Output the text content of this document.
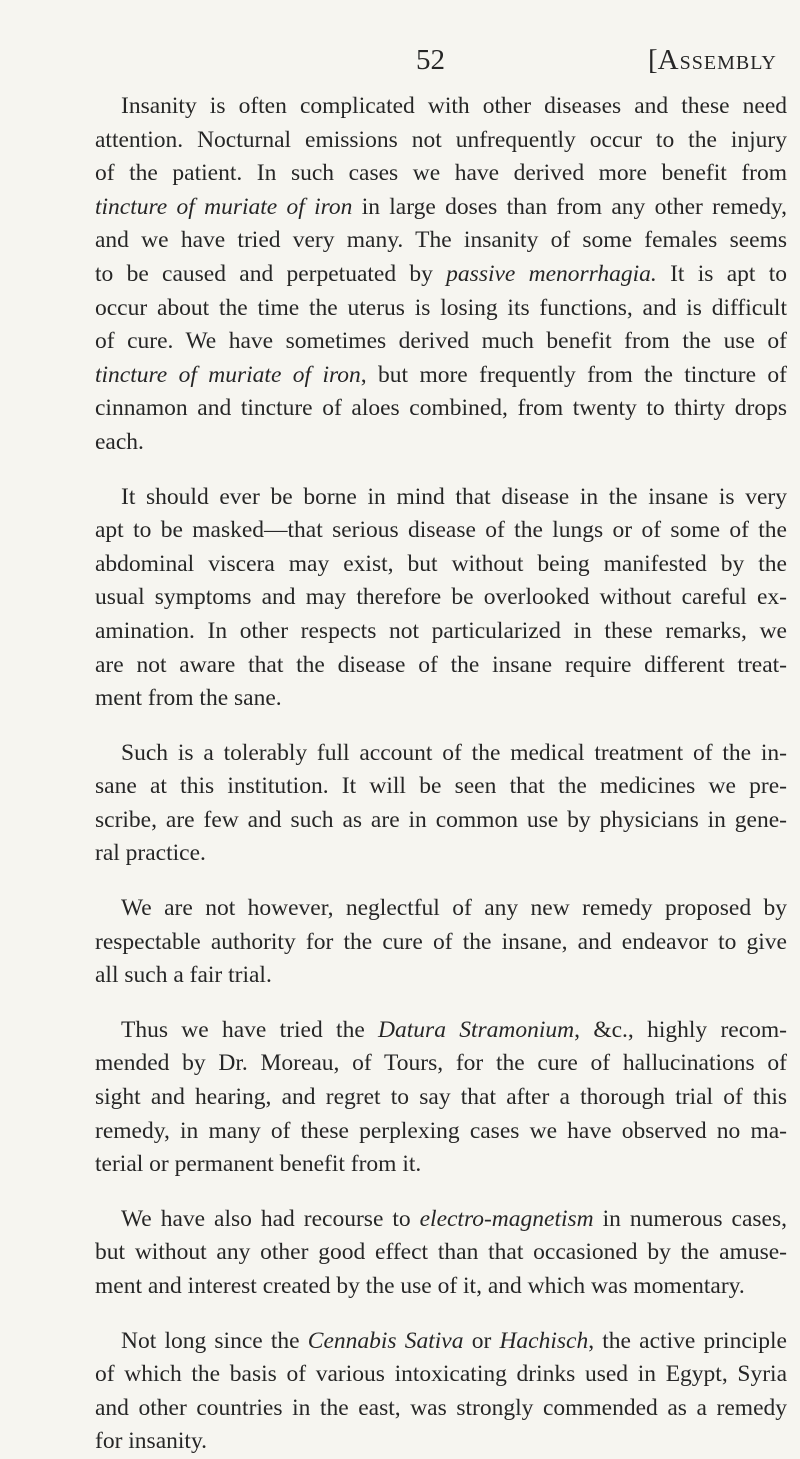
52	[Assembly
Insanity is often complicated with other diseases and these need
attention. Nocturnal emissions not unfrequently occur to the injury
of the patient. In such cases we have derived more benefit from
tincture of muriate of iron in large doses than from any other remedy,
and we have tried very many. The insanity of some females seems
to be caused and perpetuated by passive menorrhagia. It is apt to
occur about the time the uterus is losing its functions, and is difficult
of cure. We have sometimes derived much benefit from the use of
tincture of muriate of iron, but more frequently from the tincture of
cinnamon and tincture of aloes combined, from twenty to thirty drops
each.
It should ever be borne in mind that disease in the insane is very
apt to be masked—that serious disease of the lungs or of some of the
abdominal viscera may exist, but without being manifested by the
usual symptoms and may therefore be overlooked without careful ex-
amination. In other respects not particularized in these remarks, we
are not aware that the disease of the insane require different treat-
ment from the sane.
Such is a tolerably full account of the medical treatment of the in-
sane at this institution. It will be seen that the medicines we pre-
scribe, are few and such as are in common use by physicians in gene-
ral practice.
We are not however, neglectful of any new remedy proposed by
respectable authority for the cure of the insane, and endeavor to give
all such a fair trial.
Thus we have tried the Datura Stramonium, &c., highly recom-
mended by Dr. Moreau, of Tours, for the cure of hallucinations of
sight and hearing, and regret to say that after a thorough trial of this
remedy, in many of these perplexing cases we have observed no ma-
terial or permanent benefit from it.
We have also had recourse to electro-magnetism in numerous cases,
but without any other good effect than that occasioned by the amuse-
ment and interest created by the use of it, and which was momentary.
Not long since the Cennabis Sativa or Hachisch, the active principle
of which the basis of various intoxicating drinks used in Egypt, Syria
and other countries in the east, was strongly commended as a remedy
for insanity.
